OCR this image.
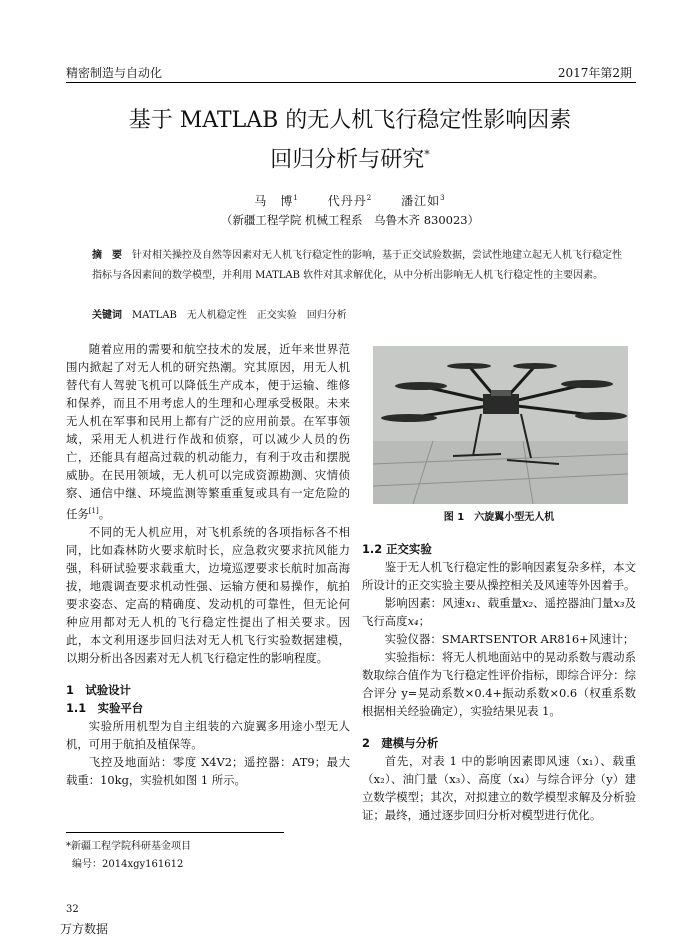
精密制造与自动化	2017年第2期
基于 MATLAB 的无人机飞行稳定性影响因素
回归分析与研究*
马　博$^1$ 代丹丹$^2$ 潘江如$^3$
（新疆工程学院 机械工程系　乌鲁木齐 830023）
摘　要 针对相关操控及自然等因素对无人机飞行稳定性的影响，基于正交试验数据，尝试性地建立起无人机飞行稳定性指标与各因素间的数学模型，并利用 MATLAB 软件对其求解优化，从中分析出影响无人机飞行稳定性的主要因素。
关键词 MATLAB　无人机稳定性　正交实验　回归分析

随着应用的需要和航空技术的发展，近年来世界范围内掀起了对无人机的研究热潮。究其原因，用无人机替代有人驾驶飞机可以降低生产成本，便于运输、维修和保养，而且不用考虑人的生理和心理承受极限。未来无人机在军事和民用上都有广泛的应用前景。在军事领域，采用无人机进行作战和侦察，可以减少人员的伤亡，还能具有超高过载的机动能力，有利于攻击和摆脱威胁。在民用领域，无人机可以完成资源勘测、灾情侦察、通信中继、环境监测等繁重重复或具有一定危险的任务[1]。

不同的无人机应用，对飞机系统的各项指标各不相同，比如森林防火要求航时长，应急救灾要求抗风能力强，科研试验要求载重大，边境巡逻要求长航时加高海拔，地震调查要求机动性强、运输方便和易操作，航拍要求姿态、定高的精确度、发动机的可靠性，但无论何种应用都对无人机的飞行稳定性提出了相关要求。因此，本文利用逐步回归法对无人机飞行实验数据建模，以期分析出各因素对无人机飞行稳定性的影响程度。

1　试验设计

1.1　实验平台

实验所用机型为自主组装的六旋翼多用途小型无人机，可用于航拍及植保等。

飞控及地面站：零度 X4V2；遥控器：AT9；最大载重：10kg，实验机如图 1 所示。

图 1　六旋翼小型无人机

1.2 正交实验

鉴于无人机飞行稳定性的影响因素复杂多样，本文所设计的正交实验主要从操控相关及风速等外因着手。

影响因素：风速x₁、载重量x₂、遥控器油门量x₃及飞行高度x₄；

实验仪器：SMARTSENTOR AR816+风速计；

实验指标：将无人机地面站中的晃动系数与震动系数取综合值作为飞行稳定性评价指标，即综合评分：综合评分 y=晃动系数×0.4+振动系数×0.6（权重系数根据相关经验确定），实验结果见表 1。

2　建模与分析

首先，对表 1 中的影响因素即风速（x₁）、载重（x₂）、油门量（x₃）、高度（x₄）与综合评分（y）建立数学模型；其次，对拟建立的数学模型求解及分析验证；最终，通过逐步回归分析对模型进行优化。

*新疆工程学院科研基金项目
编号：2014xgy161612
32
万方数据
